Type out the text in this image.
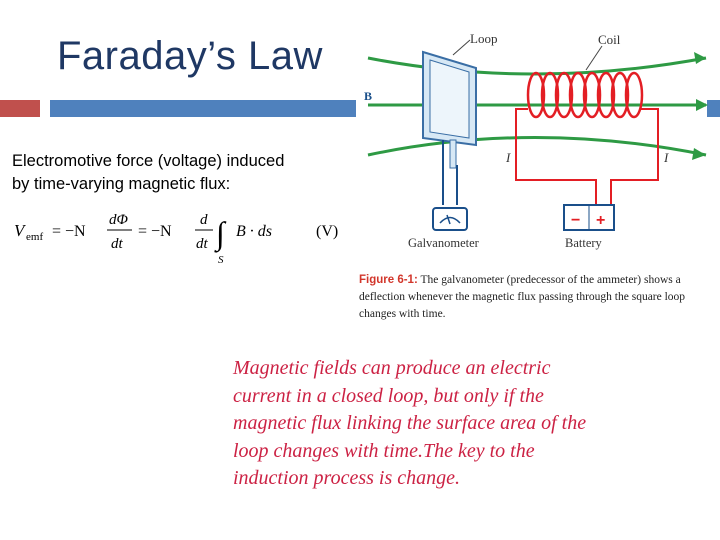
Faraday’s Law
Electromotive force (voltage) induced
by time-varying magnetic flux:
V emf = −N
dΦ
dt
= −N
d
dt ∫
S
B · ds	(V)
− +
Loop	Coil
B
I	I
Galvanometer	Battery
Figure 6-1: The galvanometer (predecessor of the ammeter) shows a deflection whenever the magnetic flux passing through the square loop changes with time.
Magnetic fields can produce an electric current in a closed loop, but only if the magnetic flux linking the surface area of the loop changes with time.The key to the induction process is change.
